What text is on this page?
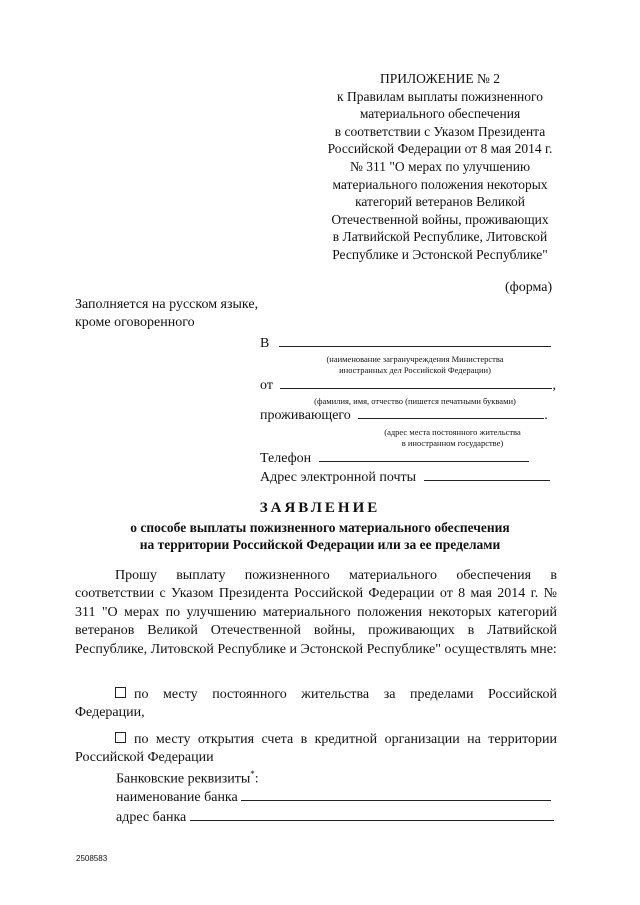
ПРИЛОЖЕНИЕ № 2
к Правилам выплаты пожизненного
материального обеспечения
в соответствии с Указом Президента
Российской Федерации от 8 мая 2014 г.
№ 311 "О мерах по улучшению
материального положения некоторых
категорий ветеранов Великой
Отечественной войны, проживающих
в Латвийской Республике, Литовской
Республике и Эстонской Республике"
(форма)
Заполняется на русском языке,
кроме оговоренного
В
(наименование загранучреждения Министерства
иностранных дел Российской Федерации)
от	,
(фамилия, имя, отчество (пишется печатными буквами)
проживающего	.
(адрес места постоянного жительства
в иностранном государстве)
Телефон
Адрес электронной почты
ЗАЯВЛЕНИЕ
о способе выплаты пожизненного материального обеспечения
на территории Российской Федерации или за ее пределами
Прошу выплату пожизненного материального обеспечения в соответствии с Указом Президента Российской Федерации от 8 мая 2014 г. № 311 "О мерах по улучшению материального положения некоторых категорий ветеранов Великой Отечественной войны, проживающих в Латвийской Республике, Литовской Республике и Эстонской Республике" осуществлять мне:
по месту постоянного жительства за пределами Российской Федерации,
по месту открытия счета в кредитной организации на территории Российской Федерации
Банковские реквизиты*:
наименование банка
адрес банка
2508583
